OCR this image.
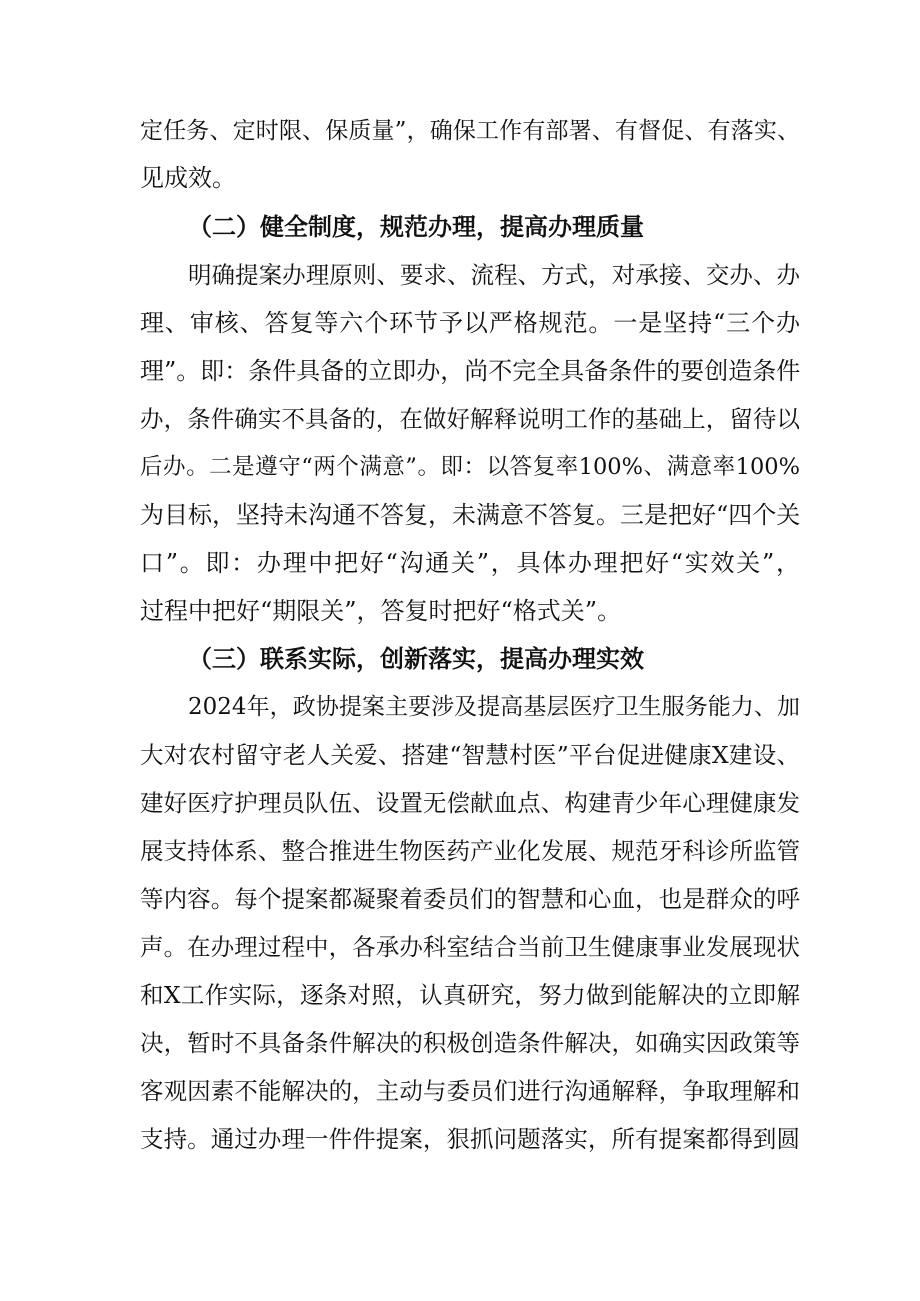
定任务、定时限、保质量”，确保工作有部署、有督促、有落实、
见成效。
（二）健全制度，规范办理，提高办理质量
明确提案办理原则、要求、流程、方式，对承接、交办、办
理、审核、答复等六个环节予以严格规范。一是坚持“三个办
理”。即：条件具备的立即办，尚不完全具备条件的要创造条件
办，条件确实不具备的，在做好解释说明工作的基础上，留待以
后办。二是遵守“两个满意”。即：以答复率100%、满意率100%
为目标，坚持未沟通不答复，未满意不答复。三是把好“四个关
口”。即：办理中把好“沟通关”，具体办理把好“实效关”，
过程中把好“期限关”，答复时把好“格式关”。
（三）联系实际，创新落实，提高办理实效
2024年，政协提案主要涉及提高基层医疗卫生服务能力、加
大对农村留守老人关爱、搭建“智慧村医”平台促进健康X建设、
建好医疗护理员队伍、设置无偿献血点、构建青少年心理健康发
展支持体系、整合推进生物医药产业化发展、规范牙科诊所监管
等内容。每个提案都凝聚着委员们的智慧和心血，也是群众的呼
声。在办理过程中，各承办科室结合当前卫生健康事业发展现状
和X工作实际，逐条对照，认真研究，努力做到能解决的立即解
决，暂时不具备条件解决的积极创造条件解决，如确实因政策等
客观因素不能解决的，主动与委员们进行沟通解释，争取理解和
支持。通过办理一件件提案，狠抓问题落实，所有提案都得到圆
